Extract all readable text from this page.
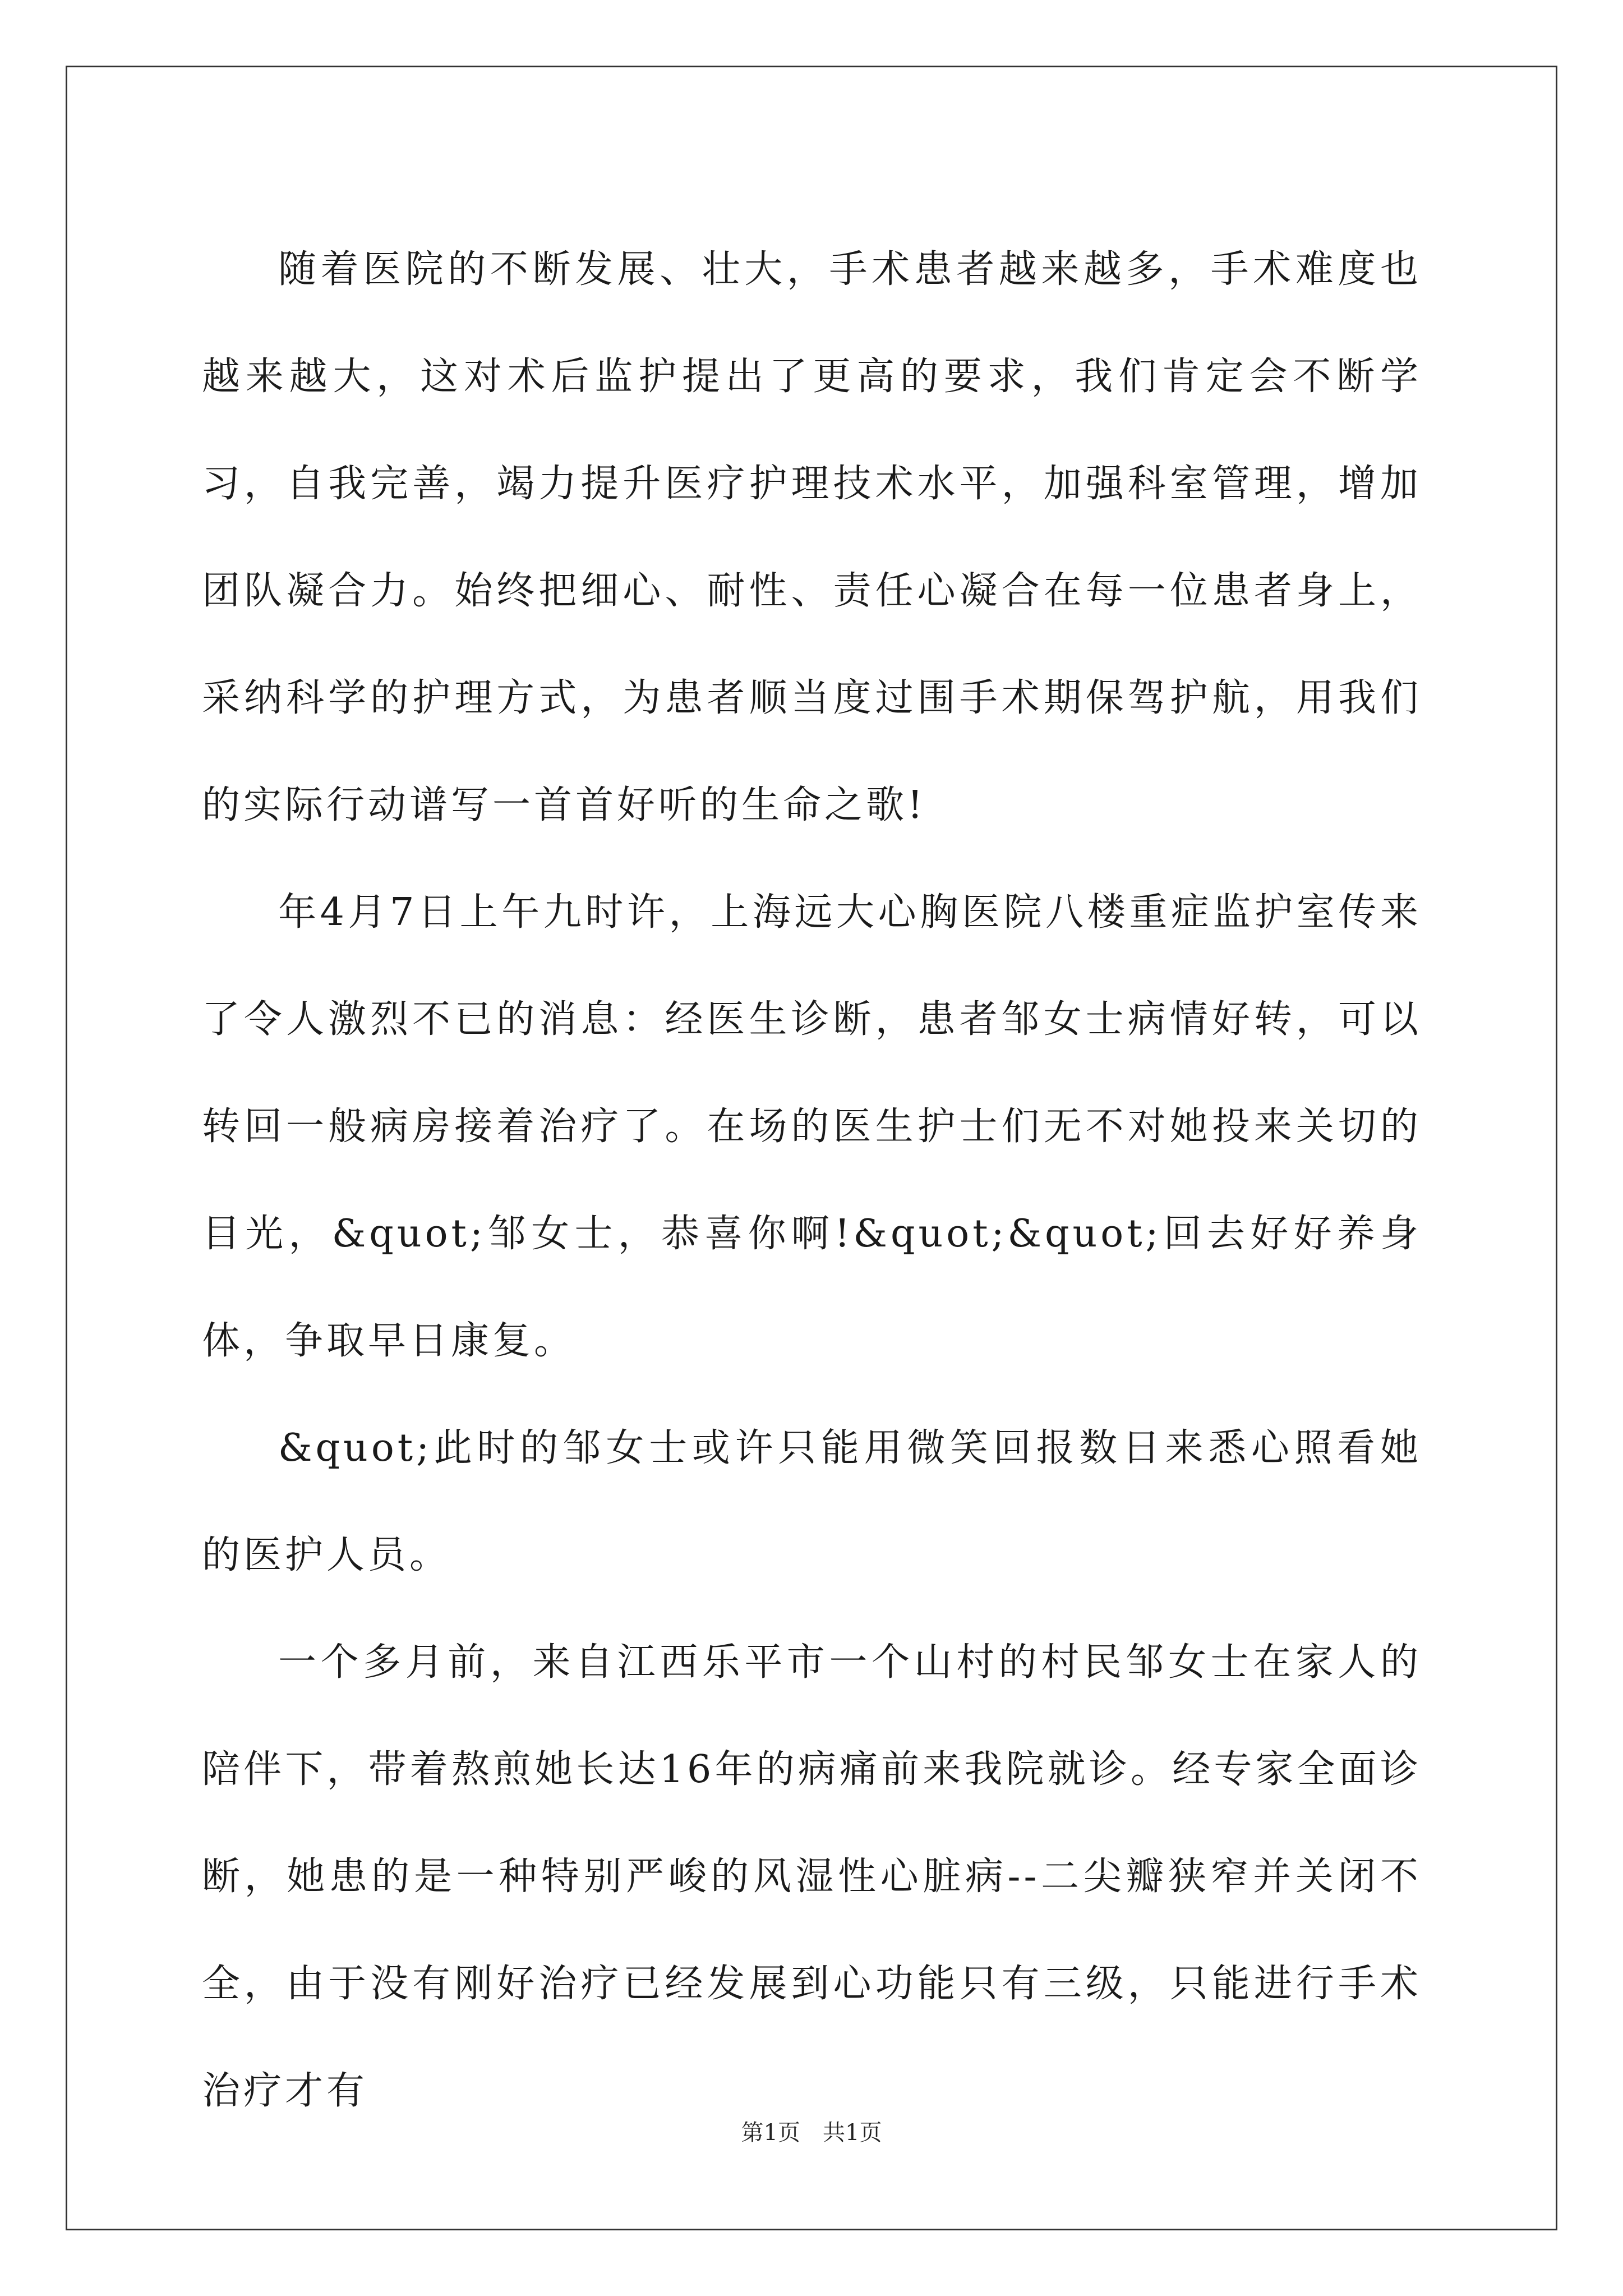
随着医院的不断发展、壮大，手术患者越来越多，手术难度也越来越大，这对术后监护提出了更高的要求，我们肯定会不断学习，自我完善，竭力提升医疗护理技术水平，加强科室管理，增加团队凝合力。始终把细心、耐性、责任心凝合在每一位患者身上，采纳科学的护理方式，为患者顺当度过围手术期保驾护航，用我们的实际行动谱写一首首好听的生命之歌!

年4月7日上午九时许，上海远大心胸医院八楼重症监护室传来了令人激烈不已的消息：经医生诊断，患者邹女士病情好转，可以转回一般病房接着治疗了。在场的医生护士们无不对她投来关切的目光，&quot;邹女士，恭喜你啊!&quot;&quot;回去好好养身体，争取早日康复。

&quot;此时的邹女士或许只能用微笑回报数日来悉心照看她的医护人员。

一个多月前，来自江西乐平市一个山村的村民邹女士在家人的陪伴下，带着熬煎她长达16年的病痛前来我院就诊。经专家全面诊断，她患的是一种特别严峻的风湿性心脏病--二尖瓣狭窄并关闭不全，由于没有刚好治疗已经发展到心功能只有三级，只能进行手术治疗才有

第1页　共1页
